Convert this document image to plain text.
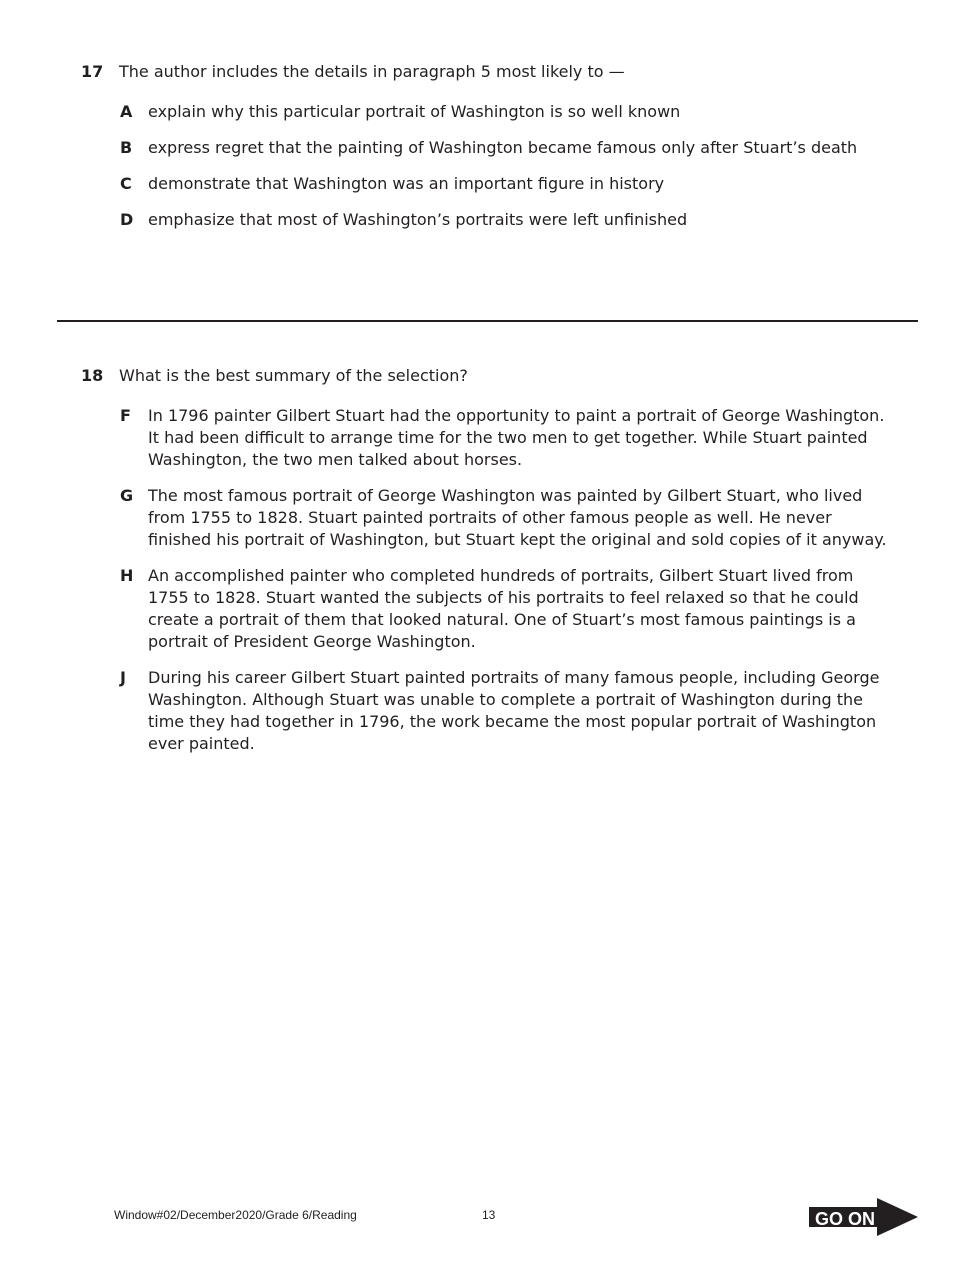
17 The author includes the details in paragraph 5 most likely to —
A explain why this particular portrait of Washington is so well known
B express regret that the painting of Washington became famous only after Stuart’s death
C	demonstrate that Washington was an important figure in history
D emphasize that most of Washington’s portraits were left unfinished
18 What is the best summary of the selection?
F	In 1796 painter Gilbert Stuart had the opportunity to paint a portrait of George Washington. It had been difficult to arrange time for the two men to get together. While Stuart painted Washington, the two men talked about horses.
G The most famous portrait of George Washington was painted by Gilbert Stuart, who lived from 1755 to 1828. Stuart painted portraits of other famous people as well. He never finished his portrait of Washington, but Stuart kept the original and sold copies of it anyway.
H An accomplished painter who completed hundreds of portraits, Gilbert Stuart lived from 1755 to 1828. Stuart wanted the subjects of his portraits to feel relaxed so that he could create a portrait of them that looked natural. One of Stuart’s most famous paintings is a portrait of President George Washington.
J	During his career Gilbert Stuart painted portraits of many famous people, including George Washington. Although Stuart was unable to complete a portrait of Washington during the time they had together in 1796, the work became the most popular portrait of Washington ever painted.
Window#02/December2020/Grade 6/Reading	13	GO ON
